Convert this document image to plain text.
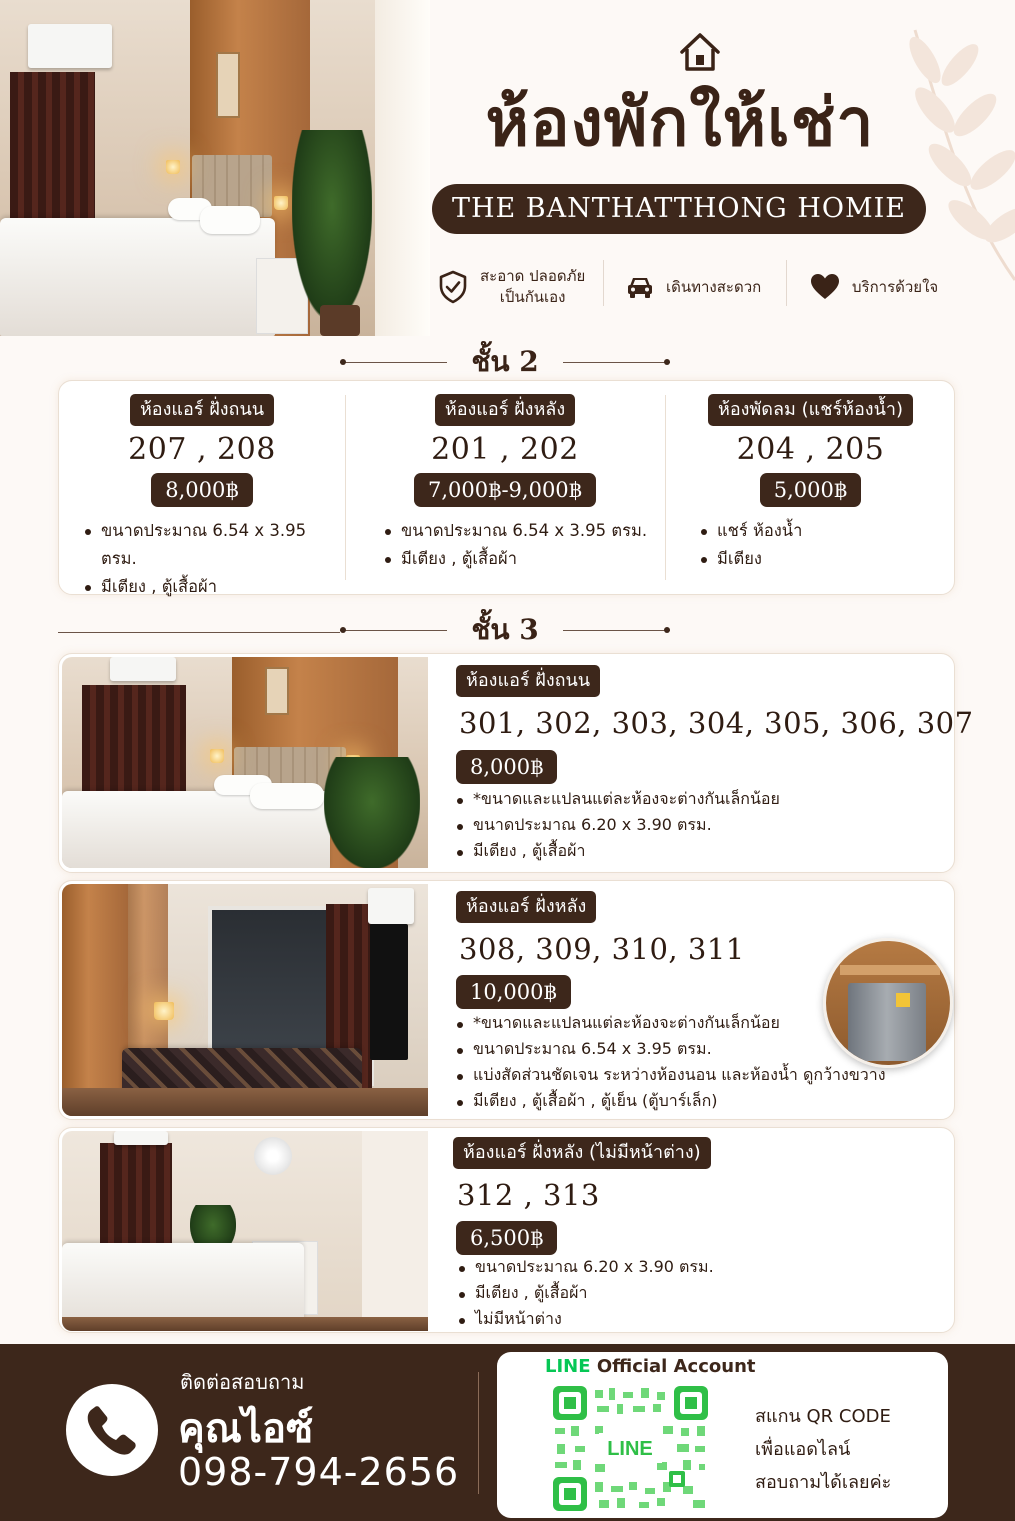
ห้องพักให้เช่า
THE BANTHATTHONG HOMIE
สะอาด ปลอดภัย
เป็นกันเอง
เดินทางสะดวก	บริการด้วยใจ
ชั้น 2
ห้องแอร์ ฝั่งถนน
207 , 208
8,000฿
ขนาดประมาณ 6.54 x 3.95 ตรม.
มีเตียง , ตู้เสื้อผ้า
ห้องแอร์ ฝั่งหลัง
201 , 202
7,000฿-9,000฿
ขนาดประมาณ 6.54 x 3.95 ตรม.
มีเตียง , ตู้เสื้อผ้า
ห้องพัดลม (แชร์ห้องน้ำ)
204 , 205
5,000฿
แชร์ ห้องน้ำ
มีเตียง
ชั้น 3
ห้องแอร์ ฝั่งถนน
301, 302, 303, 304, 305, 306, 307
8,000฿
*ขนาดและแปลนแต่ละห้องจะต่างกันเล็กน้อย
ขนาดประมาณ 6.20 x 3.90 ตรม.
มีเตียง , ตู้เสื้อผ้า
ห้องแอร์ ฝั่งหลัง
308, 309, 310, 311
10,000฿
*ขนาดและแปลนแต่ละห้องจะต่างกันเล็กน้อย
ขนาดประมาณ 6.54 x 3.95 ตรม.
แบ่งสัดส่วนชัดเจน ระหว่างห้องนอน และห้องน้ำ ดูกว้างขวาง
มีเตียง , ตู้เสื้อผ้า , ตู้เย็น (ตู้บาร์เล็ก)
ห้องแอร์ ฝั่งหลัง (ไม่มีหน้าต่าง)
312 , 313
6,500฿
ขนาดประมาณ 6.20 x 3.90 ตรม.
มีเตียง , ตู้เสื้อผ้า
ไม่มีหน้าต่าง
ติดต่อสอบถาม
คุณไอซ์
098-794-2656
LINE Official Account
LINE
สแกน QR CODE
เพื่อแอดไลน์
สอบถามได้เลยค่ะ
